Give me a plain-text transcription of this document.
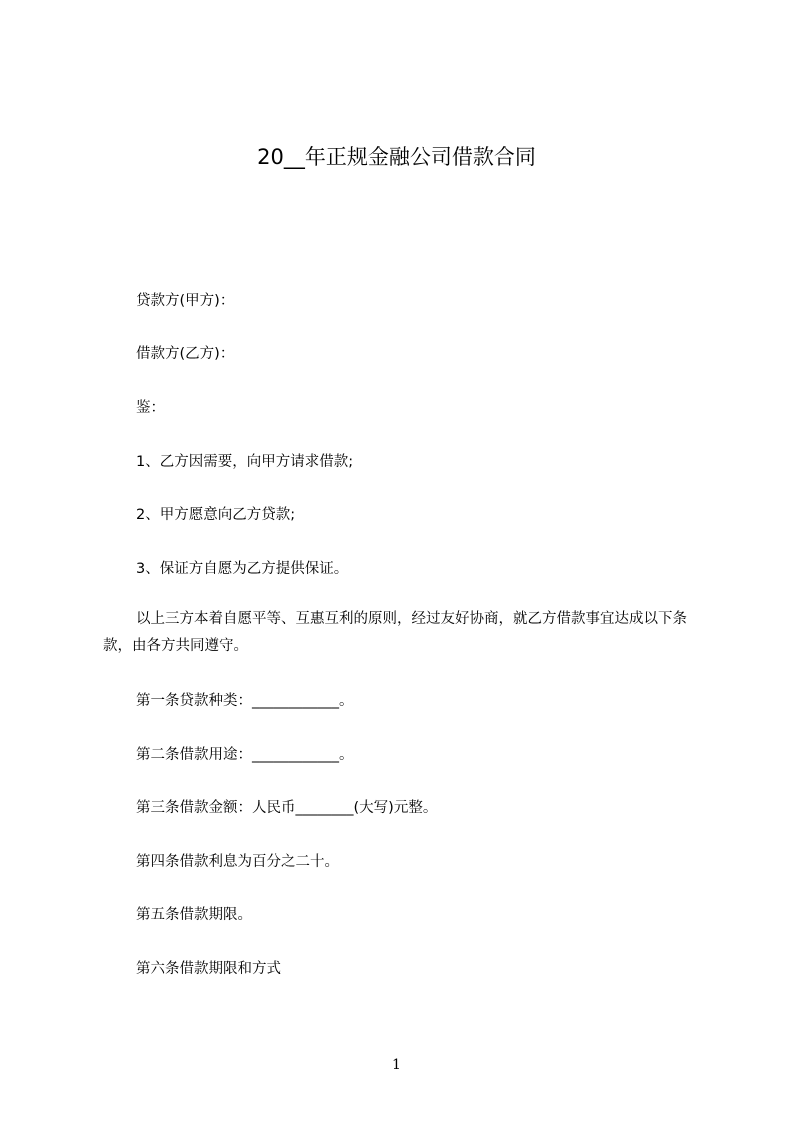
20__年正规金融公司借款合同
贷款方(甲方)：
借款方(乙方)：
鉴：
1、乙方因需要，向甲方请求借款;
2、甲方愿意向乙方贷款;
3、保证方自愿为乙方提供保证。
以上三方本着自愿平等、互惠互利的原则，经过友好协商，就乙方借款事宜达成以下条款，由各方共同遵守。
第一条贷款种类：____________。
第二条借款用途：____________。
第三条借款金额：人民币________(大写)元整。
第四条借款利息为百分之二十。
第五条借款期限。
第六条借款期限和方式
1
